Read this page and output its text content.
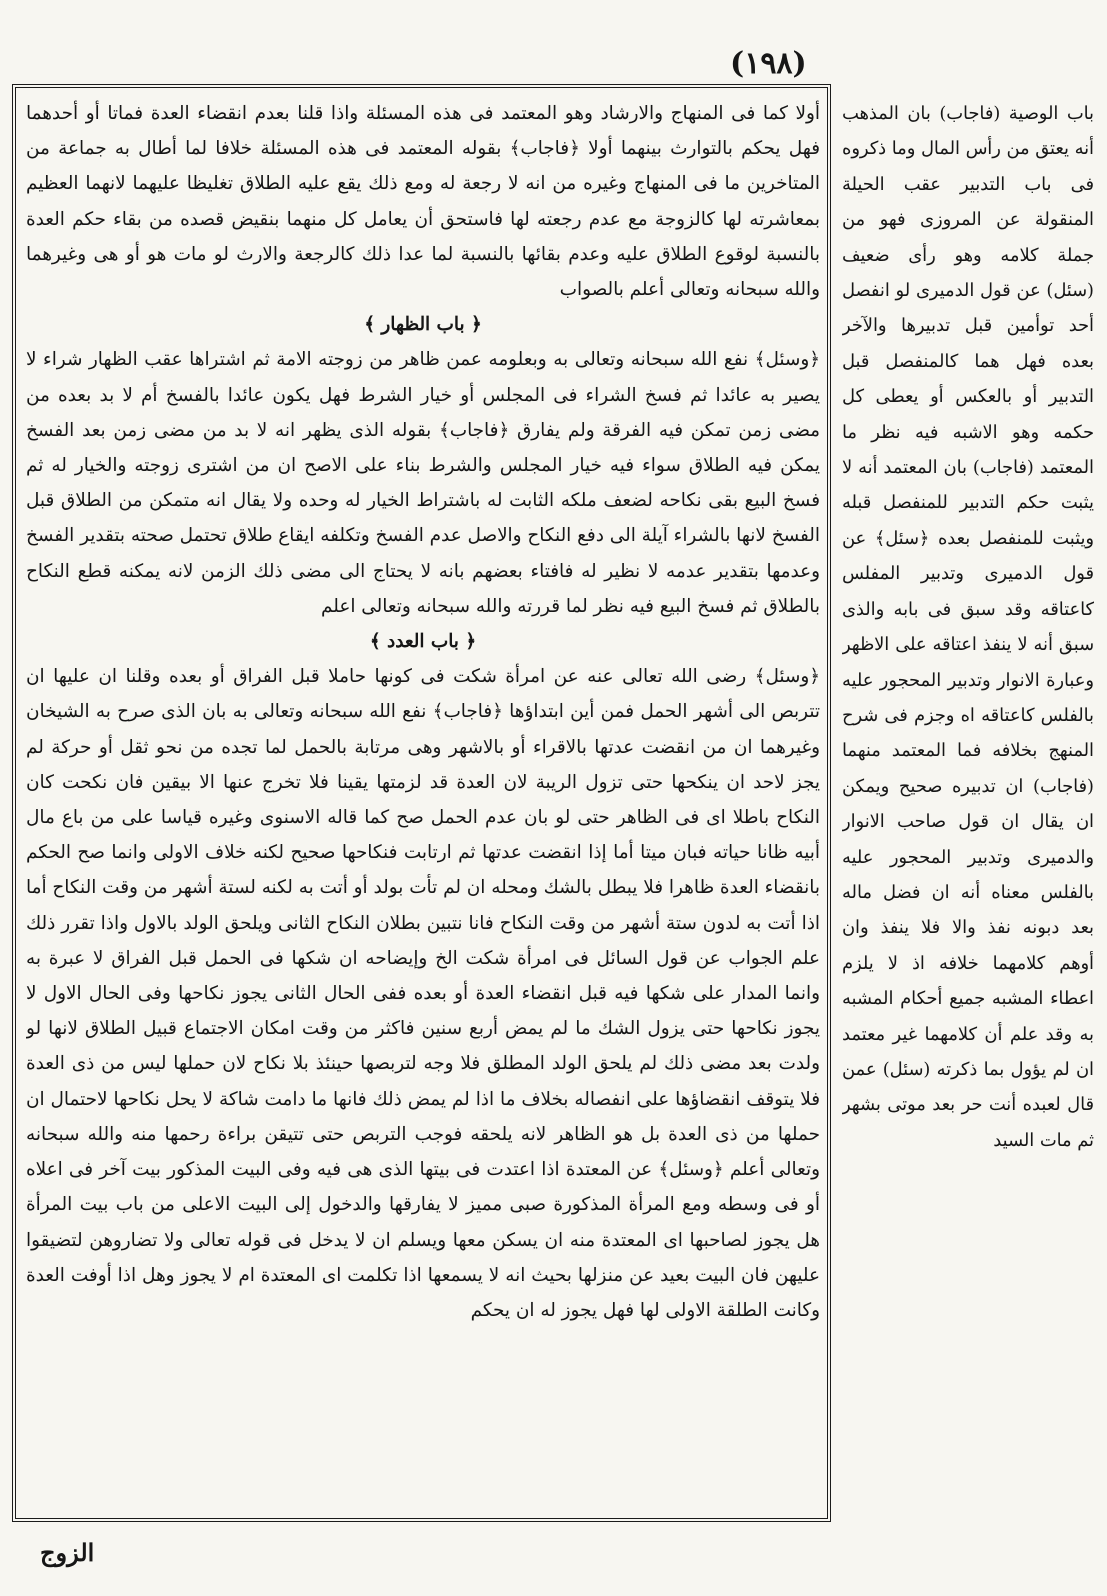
(١٩٨)

أولا كما فى المنهاج والارشاد وهو المعتمد فى هذه المسئلة واذا قلنا بعدم انقضاء العدة فماتا أو أحدهما فهل يحكم بالتوارث بينهما أولا ﴿فاجاب﴾ بقوله المعتمد فى هذه المسئلة خلافا لما أطال به جماعة من المتاخرين ما فى المنهاج وغيره من انه لا رجعة له ومع ذلك يقع عليه الطلاق تغليظا عليهما لانهما العظيم بمعاشرته لها كالزوجة مع عدم رجعته لها فاستحق أن يعامل كل منهما بنقيض قصده من بقاء حكم العدة بالنسبة لوقوع الطلاق عليه وعدم بقائها بالنسبة لما عدا ذلك كالرجعة والارث لو مات هو أو هى وغيرهما والله سبحانه وتعالى أعلم بالصواب

﴿ باب الظهار ﴾

﴿وسئل﴾ نفع الله سبحانه وتعالى به وبعلومه عمن ظاهر من زوجته الامة ثم اشتراها عقب الظهار شراء لا يصير به عائدا ثم فسخ الشراء فى المجلس أو خيار الشرط فهل يكون عائدا بالفسخ أم لا بد بعده من مضى زمن تمكن فيه الفرقة ولم يفارق ﴿فاجاب﴾ بقوله الذى يظهر انه لا بد من مضى زمن بعد الفسخ يمكن فيه الطلاق سواء فيه خيار المجلس والشرط بناء على الاصح ان من اشترى زوجته والخيار له ثم فسخ البيع بقى نكاحه لضعف ملكه الثابت له باشتراط الخيار له وحده ولا يقال انه متمكن من الطلاق قبل الفسخ لانها بالشراء آيلة الى دفع النكاح والاصل عدم الفسخ وتكلفه ايقاع طلاق تحتمل صحته بتقدير الفسخ وعدمها بتقدير عدمه لا نظير له فافتاء بعضهم بانه لا يحتاج الى مضى ذلك الزمن لانه يمكنه قطع النكاح بالطلاق ثم فسخ البيع فيه نظر لما قررته والله سبحانه وتعالى اعلم

﴿ باب العدد ﴾

﴿وسئل﴾ رضى الله تعالى عنه عن امرأة شكت فى كونها حاملا قبل الفراق أو بعده وقلنا ان عليها ان تتربص الى أشهر الحمل فمن أين ابتداؤها ﴿فاجاب﴾ نفع الله سبحانه وتعالى به بان الذى صرح به الشيخان وغيرهما ان من انقضت عدتها بالاقراء أو بالاشهر وهى مرتابة بالحمل لما تجده من نحو ثقل أو حركة لم يجز لاحد ان ينكحها حتى تزول الريبة لان العدة قد لزمتها يقينا فلا تخرج عنها الا بيقين فان نكحت كان النكاح باطلا اى فى الظاهر حتى لو بان عدم الحمل صح كما قاله الاسنوى وغيره قياسا على من باع مال أبيه ظانا حياته فبان ميتا أما إذا انقضت عدتها ثم ارتابت فنكاحها صحيح لكنه خلاف الاولى وانما صح الحكم بانقضاء العدة ظاهرا فلا يبطل بالشك ومحله ان لم تأت بولد أو أتت به لكنه لستة أشهر من وقت النكاح أما اذا أتت به لدون ستة أشهر من وقت النكاح فانا نتبين بطلان النكاح الثانى ويلحق الولد بالاول واذا تقرر ذلك علم الجواب عن قول السائل فى امرأة شكت الخ وإيضاحه ان شكها فى الحمل قبل الفراق لا عبرة به وانما المدار على شكها فيه قبل انقضاء العدة أو بعده ففى الحال الثانى يجوز نكاحها وفى الحال الاول لا يجوز نكاحها حتى يزول الشك ما لم يمض أربع سنين فاكثر من وقت امكان الاجتماع قبيل الطلاق لانها لو ولدت بعد مضى ذلك لم يلحق الولد المطلق فلا وجه لتربصها حينئذ بلا نكاح لان حملها ليس من ذى العدة فلا يتوقف انقضاؤها على انفصاله بخلاف ما اذا لم يمض ذلك فانها ما دامت شاكة لا يحل نكاحها لاحتمال ان حملها من ذى العدة بل هو الظاهر لانه يلحقه فوجب التربص حتى تتيقن براءة رحمها منه والله سبحانه وتعالى أعلم ﴿وسئل﴾ عن المعتدة اذا اعتدت فى بيتها الذى هى فيه وفى البيت المذكور بيت آخر فى اعلاه أو فى وسطه ومع المرأة المذكورة صبى مميز لا يفارقها والدخول إلى البيت الاعلى من باب بيت المرأة هل يجوز لصاحبها اى المعتدة منه ان يسكن معها ويسلم ان لا يدخل فى قوله تعالى ولا تضاروهن لتضيقوا عليهن فان البيت بعيد عن منزلها بحيث انه لا يسمعها اذا تكلمت اى المعتدة ام لا يجوز وهل اذا أوفت العدة وكانت الطلقة الاولى لها فهل يجوز له ان يحكم

باب الوصية (فاجاب) بان المذهب أنه يعتق من رأس المال وما ذكروه فى باب التدبير عقب الحيلة المنقولة عن المروزى فهو من جملة كلامه وهو رأى ضعيف (سئل) عن قول الدميرى لو انفصل أحد توأمين قبل تدبيرها والآخر بعده فهل هما كالمنفصل قبل التدبير أو بالعكس أو يعطى كل حكمه وهو الاشبه فيه نظر ما المعتمد (فاجاب) بان المعتمد أنه لا يثبت حكم التدبير للمنفصل قبله ويثبت للمنفصل بعده ﴿سئل﴾ عن قول الدميرى وتدبير المفلس كاعتاقه وقد سبق فى بابه والذى سبق أنه لا ينفذ اعتاقه على الاظهر وعبارة الانوار وتدبير المحجور عليه بالفلس كاعتاقه اه وجزم فى شرح المنهج بخلافه فما المعتمد منهما (فاجاب) ان تدبيره صحيح ويمكن ان يقال ان قول صاحب الانوار والدميرى وتدبير المحجور عليه بالفلس معناه أنه ان فضل ماله بعد دبونه نفذ والا فلا ينفذ وان أوهم كلامهما خلافه اذ لا يلزم اعطاء المشبه جميع أحكام المشبه به وقد علم أن كلامهما غير معتمد ان لم يؤول بما ذكرته (سئل) عمن قال لعبده أنت حر بعد موتى بشهر ثم مات السيد

الزوج
